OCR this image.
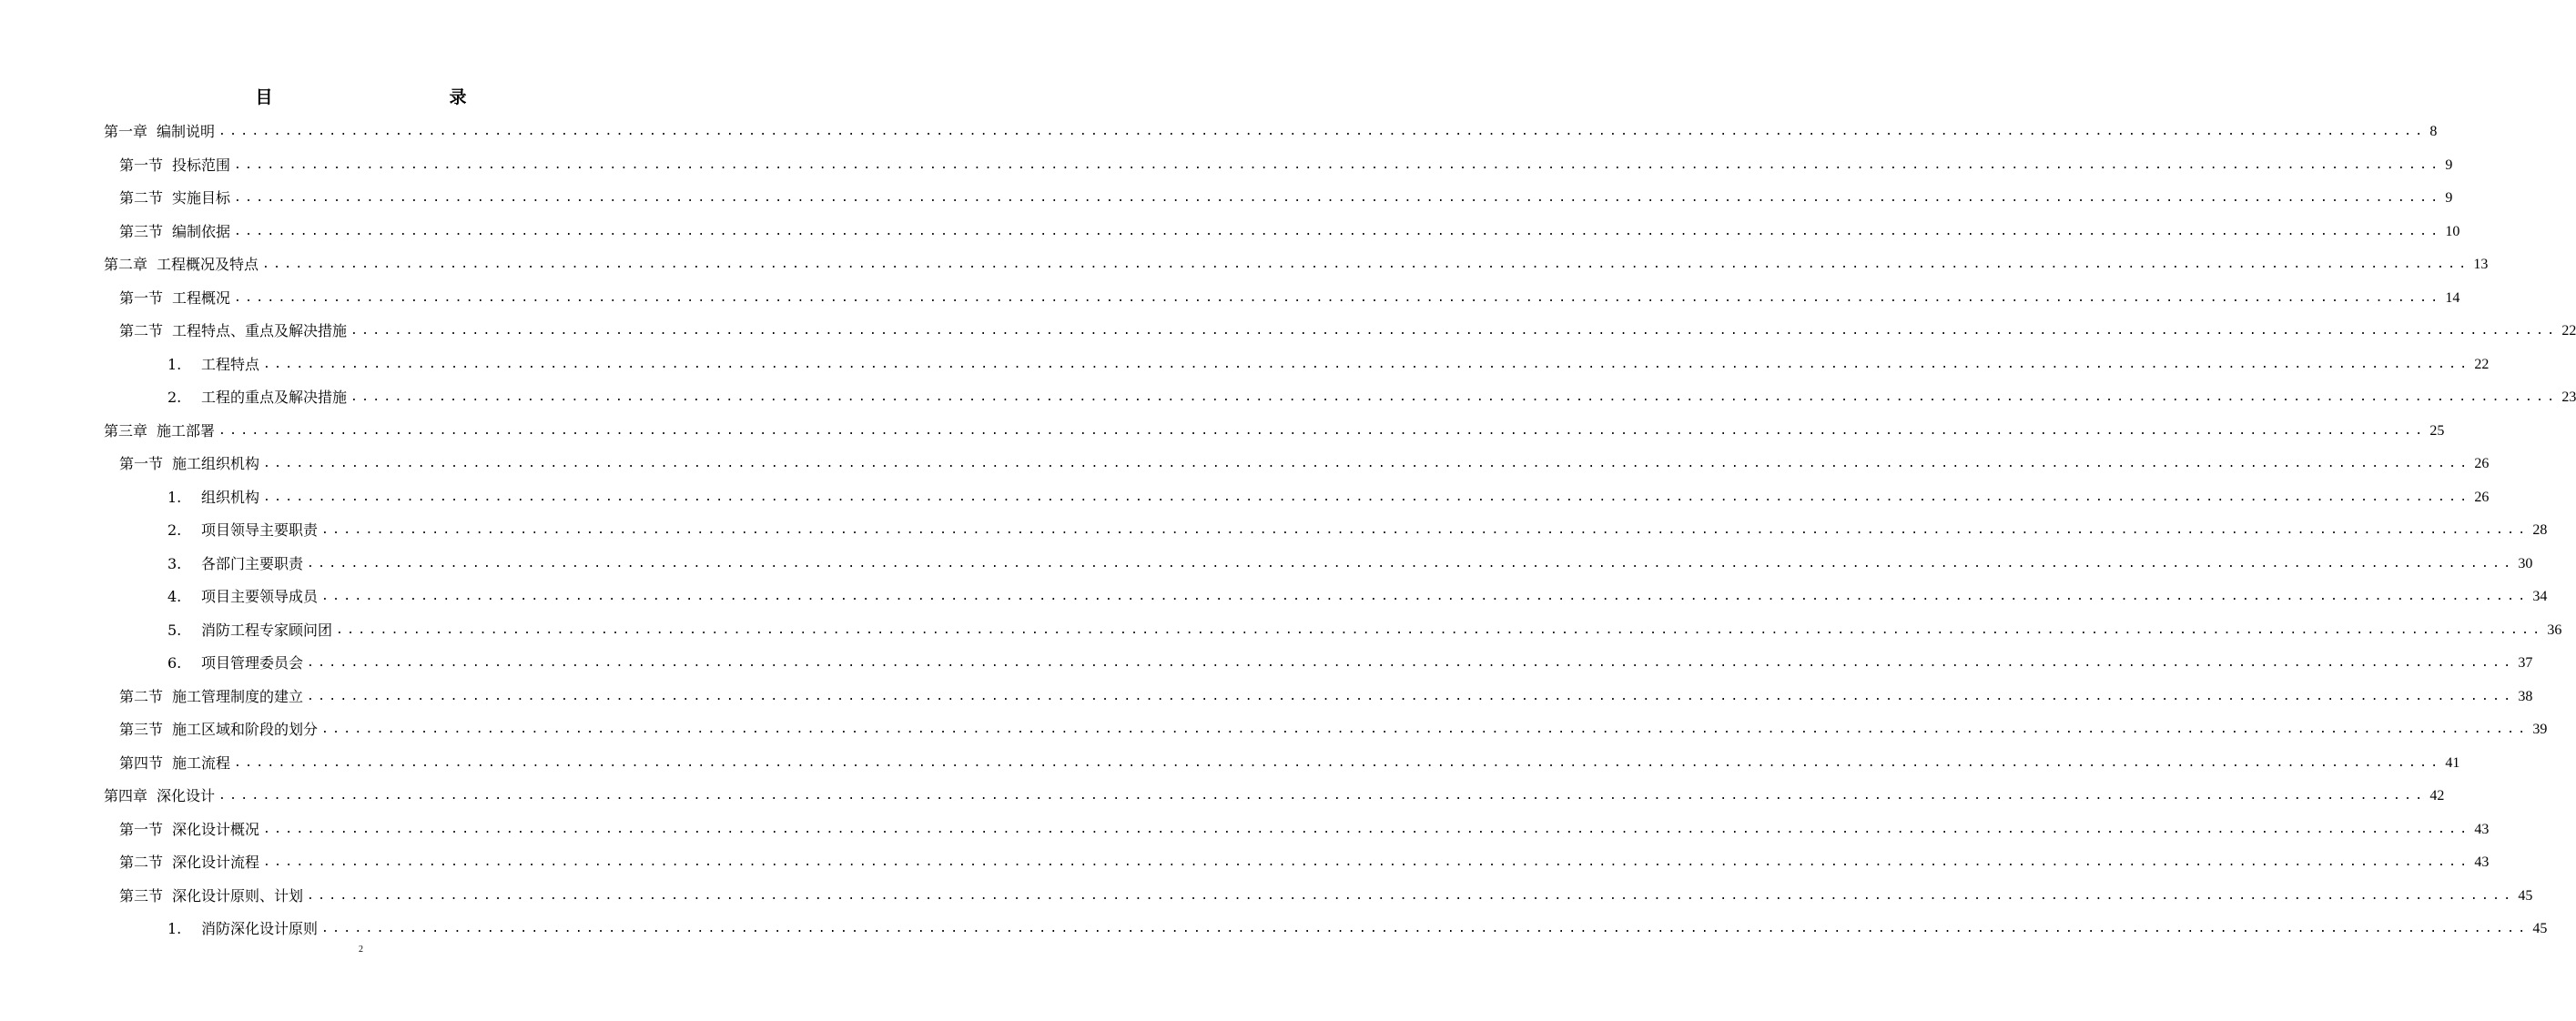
目　　录
第一章 编制说明 ........................................................................................................................................................................................................ 8
第一节 投标范围 ........................................................................................................................................................................................................ 9
第二节 实施目标 ........................................................................................................................................................................................................ 9
第三节 编制依据 ........................................................................................................................................................................................................ 10
第二章 工程概况及特点 ........................................................................................................................................................................................................ 13
第一节 工程概况 ........................................................................................................................................................................................................ 14
第二节 工程特点、重点及解决措施 ........................................................................................................................................................................................................ 22
1.	工程特点 ........................................................................................................................................................................................................ 22
2.	工程的重点及解决措施 ........................................................................................................................................................................................................ 23
第三章 施工部署 ........................................................................................................................................................................................................ 25
第一节 施工组织机构 ........................................................................................................................................................................................................ 26
1.	组织机构 ........................................................................................................................................................................................................ 26
2.	项目领导主要职责 ........................................................................................................................................................................................................ 28
3.	各部门主要职责 ........................................................................................................................................................................................................ 30
4.	项目主要领导成员 ........................................................................................................................................................................................................ 34
5.	消防工程专家顾问团 ........................................................................................................................................................................................................ 36
6.	项目管理委员会 ........................................................................................................................................................................................................ 37
第二节 施工管理制度的建立 ........................................................................................................................................................................................................ 38
第三节 施工区域和阶段的划分 ........................................................................................................................................................................................................ 39
第四节 施工流程 ........................................................................................................................................................................................................ 41
第四章 深化设计 ........................................................................................................................................................................................................ 42
第一节 深化设计概况 ........................................................................................................................................................................................................ 43
第二节 深化设计流程 ........................................................................................................................................................................................................ 43
第三节 深化设计原则、计划 ........................................................................................................................................................................................................ 45
1.	消防深化设计原则 ........................................................................................................................................................................................................ 45
2
